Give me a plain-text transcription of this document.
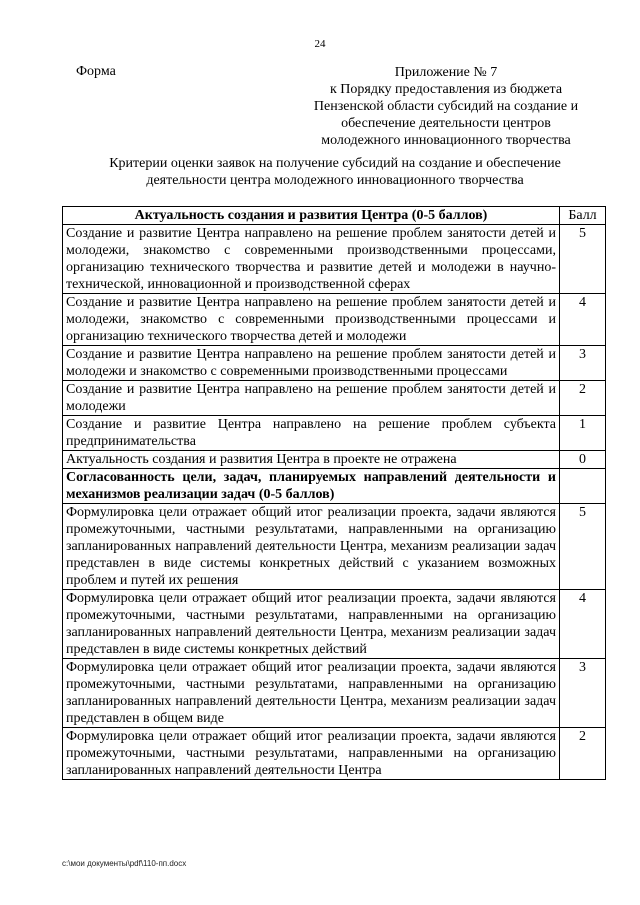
24
Форма	Приложение № 7
к Порядку предоставления из бюджета
Пензенской области субсидий на создание и
обеспечение деятельности центров
молодежного инновационного творчества
Критерии оценки заявок на получение субсидий на создание и обеспечение
деятельности центра молодежного инновационного творчества
Актуальность создания и развития Центра (0-5 баллов)	Балл
Создание и развитие Центра направлено на решение проблем занятости детей и молодежи, знакомство с современными производственными процессами, организацию технического творчества и развитие детей и молодежи в научно-технической, инновационной и производственной сферах	5
Создание и развитие Центра направлено на решение проблем занятости детей и молодежи, знакомство с современными производственными процессами и организацию технического творчества детей и молодежи	4
Создание и развитие Центра направлено на решение проблем занятости детей и молодежи и знакомство с современными производственными процессами	3
Создание и развитие Центра направлено на решение проблем занятости детей и молодежи	2
Создание и развитие Центра направлено на решение проблем субъекта предпринимательства	1
Актуальность создания и развития Центра в проекте не отражена	0
Согласованность цели, задач, планируемых направлений деятельности и механизмов реализации задач (0-5 баллов)	
Формулировка цели отражает общий итог реализации проекта, задачи являются промежуточными, частными результатами, направленными на организацию запланированных направлений деятельности Центра, механизм реализации задач представлен в виде системы конкретных действий с указанием возможных проблем и путей их решения	5
Формулировка цели отражает общий итог реализации проекта, задачи являются промежуточными, частными результатами, направленными на организацию запланированных направлений деятельности Центра, механизм реализации задач представлен в виде системы конкретных действий	4
Формулировка цели отражает общий итог реализации проекта, задачи являются промежуточными, частными результатами, направленными на организацию запланированных направлений деятельности Центра, механизм реализации задач представлен в общем виде	3
Формулировка цели отражает общий итог реализации проекта, задачи являются промежуточными, частными результатами, направленными на организацию запланированных направлений деятельности Центра	2
c:\мои документы\pdf\110-пп.docx
